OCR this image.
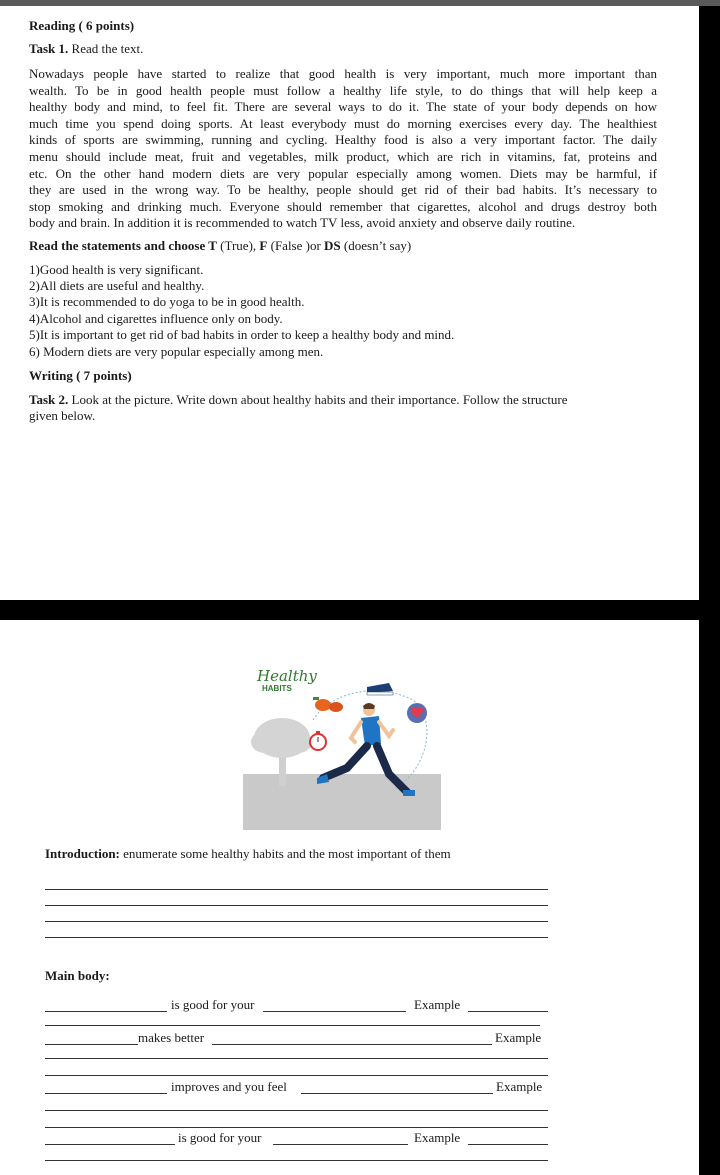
Reading ( 6 points)
Task 1. Read the text.
Nowadays people have started to realize that good health is very important, much more important than
wealth. To be in good health people must follow a healthy life style, to do things that will help keep a
healthy body and mind, to feel fit. There are several ways to do it. The state of your body depends on how
much time you spend doing sports. At least everybody must do morning exercises every day. The healthiest
kinds of sports are swimming, running and cycling. Healthy food is also a very important factor. The daily
menu should include meat, fruit and vegetables, milk product, which are rich in vitamins, fat, proteins and
etc. On the other hand modern diets are very popular especially among women. Diets may be harmful, if
they are used in the wrong way. To be healthy, people should get rid of their bad habits. It’s necessary to
stop smoking and drinking much. Everyone should remember that cigarettes, alcohol and drugs destroy both
body and brain. In addition it is recommended to watch TV less, avoid anxiety and observe daily routine.
Read the statements and choose T (True), F (False )or DS (doesn’t say)
1)Good health is very significant.
2)All diets are useful and healthy.
3)It is recommended to do yoga to be in good health.
4)Alcohol and cigarettes influence only on body.
5)It is important to get rid of bad habits in order to keep a healthy body and mind.
6) Modern diets are very popular especially among men.
Writing ( 7 points)
Task 2. Look at the picture. Write down about healthy habits and their importance. Follow the structure
given below.
Healthy
HABITS
Introduction: enumerate some healthy habits and the most important of them
Main body:
is good for your	Example
makes better	Example
improves and you feel	Example
is good for your	Example
